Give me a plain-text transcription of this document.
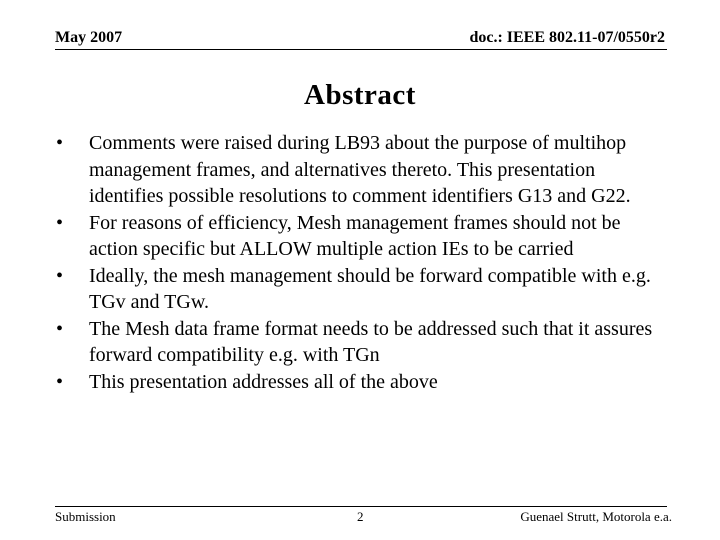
May 2007	doc.: IEEE 802.11-07/0550r2
Abstract
•	Comments were raised during LB93 about the purpose of multihop management frames, and alternatives thereto. This presentation identifies possible resolutions to comment identifiers G13 and G22.
•	For reasons of efficiency, Mesh management frames should not be action specific but ALLOW multiple action IEs to be carried
•	Ideally, the mesh management should be forward compatible with e.g. TGv and TGw.
•	The Mesh data frame format needs to be addressed such that it assures forward compatibility e.g. with TGn
•	This presentation addresses all of the above
Submission	2	Guenael Strutt, Motorola e.a.
